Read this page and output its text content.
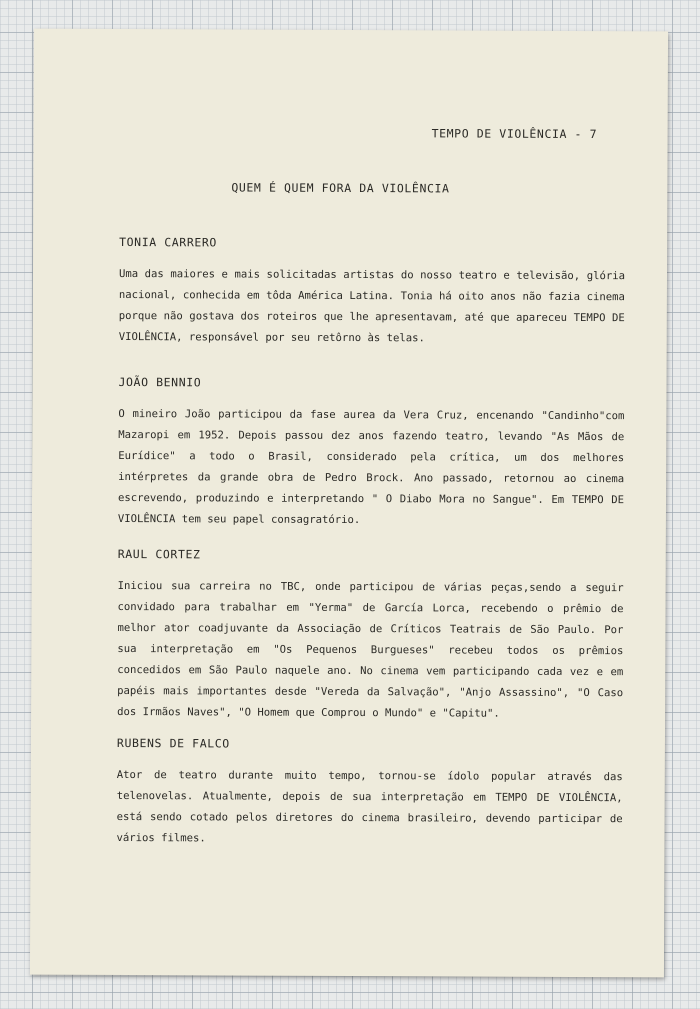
TEMPO DE VIOLÊNCIA - 7
QUEM É QUEM FORA DA VIOLÊNCIA
TONIA CARRERO

Uma das maiores e mais solicitadas artistas do nosso teatro e televisão, glória nacional, conhecida em tôda América Latina. Tonia há oito anos não fazia cinema porque não gostava dos roteiros que lhe apresentavam, até que apareceu TEMPO DE VIOLÊNCIA, responsável por seu retôrno às telas.

JOÃO BENNIO

O mineiro João participou da fase aurea da Vera Cruz, encenando "Candinho"com Mazaropi em 1952. Depois passou dez anos fazendo teatro, levando "As Mãos de Eurídice" a todo o Brasil, considerado pela crítica, um dos melhores intérpretes da grande obra de Pedro Brock. Ano passado, retornou ao cinema escrevendo, produzindo e interpretando " O Diabo Mora no Sangue". Em TEMPO DE VIOLÊNCIA tem seu papel consagratório.

RAUL CORTEZ

Iniciou sua carreira no TBC, onde participou de várias peças,sendo a seguir convidado para trabalhar em "Yerma" de García Lorca, recebendo o prêmio de melhor ator coadjuvante da Associação de Críticos Teatrais de São Paulo. Por sua interpretação em "Os Pequenos Burgueses" recebeu todos os prêmios concedidos em São Paulo naquele ano. No cinema vem participando cada vez e em papéis mais importantes desde "Vereda da Salvação", "Anjo Assassino", "O Caso dos Irmãos Naves", "O Homem que Comprou o Mundo" e "Capitu".

RUBENS DE FALCO

Ator de teatro durante muito tempo, tornou-se ídolo popular através das telenovelas. Atualmente, depois de sua interpretação em TEMPO DE VIOLÊNCIA, está sendo cotado pelos diretores do cinema brasileiro, devendo participar de vários filmes.
